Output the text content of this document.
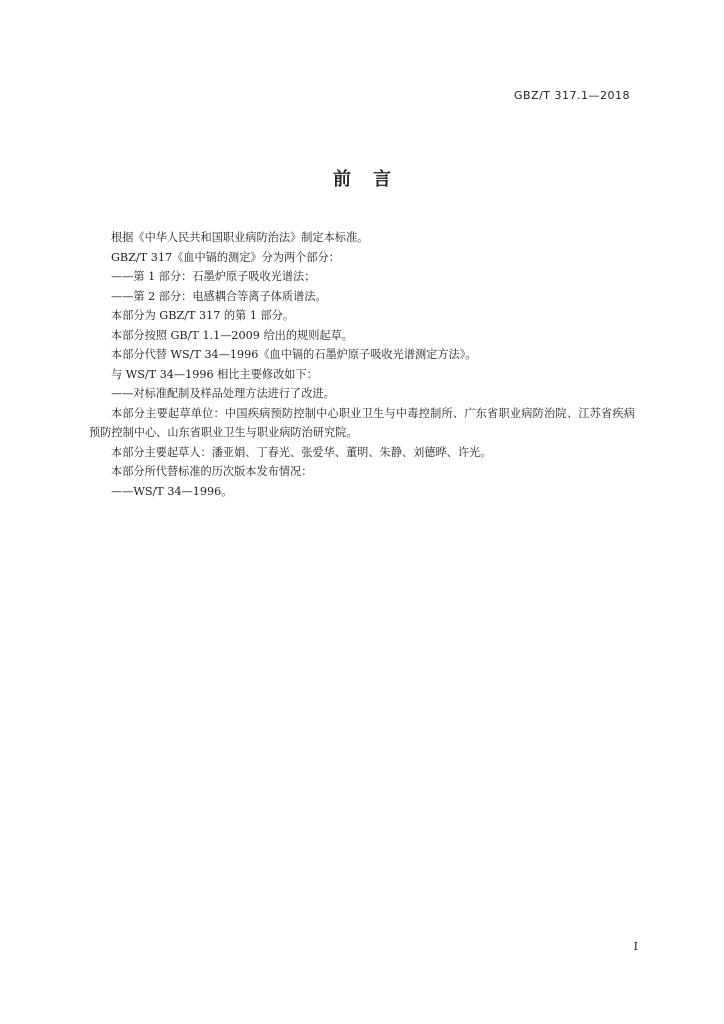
GBZ/T 317.1—2018
前言

根据《中华人民共和国职业病防治法》制定本标准。

GBZ/T 317《血中镉的测定》分为两个部分：

——第 1 部分：石墨炉原子吸收光谱法；

——第 2 部分：电感耦合等离子体质谱法。

本部分为 GBZ/T 317 的第 1 部分。

本部分按照 GB/T 1.1—2009 给出的规则起草。

本部分代替 WS/T 34—1996《血中镉的石墨炉原子吸收光谱测定方法》。

与 WS/T 34—1996 相比主要修改如下：

——对标准配制及样品处理方法进行了改进。

本部分主要起草单位：中国疾病预防控制中心职业卫生与中毒控制所、广东省职业病防治院、江苏省疾病预防控制中心、山东省职业卫生与职业病防治研究院。

本部分主要起草人：潘亚娟、丁春光、张爱华、董明、朱静、刘德晔、许光。

本部分所代替标准的历次版本发布情况：

——WS/T 34—1996。

I
